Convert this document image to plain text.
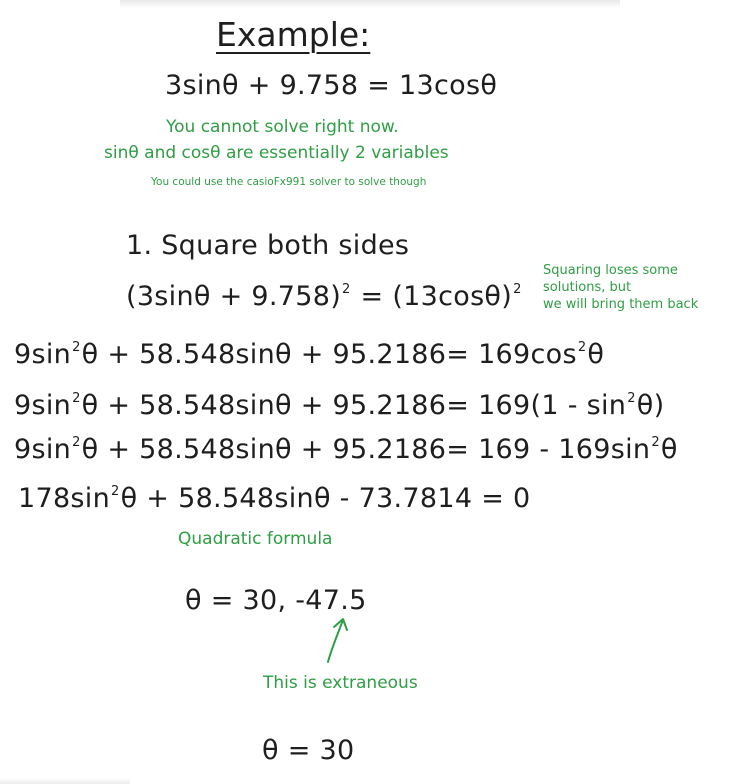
Example:
3sinθ + 9.758 = 13cosθ
You cannot solve right now.
sinθ and cosθ are essentially 2 variables
You could use the casioFx991 solver to solve though
1. Square both sides
$(3\sin\theta + 9.758)^2 = (13\cos\theta)^2$
Squaring loses some
solutions, but
we will bring them back
$9\sin^2\theta + 58.548\sin\theta + 95.2186= 169\cos^2\theta$
$9\sin^2\theta + 58.548\sin\theta + 95.2186= 169(1 - \sin^2\theta)$
$9\sin^2\theta + 58.548\sin\theta + 95.2186= 169 - 169\sin^2\theta$
$178\sin^2\theta + 58.548\sin\theta - 73.7814 = 0$
Quadratic formula
θ = 30, -47.5
This is extraneous
θ = 30
